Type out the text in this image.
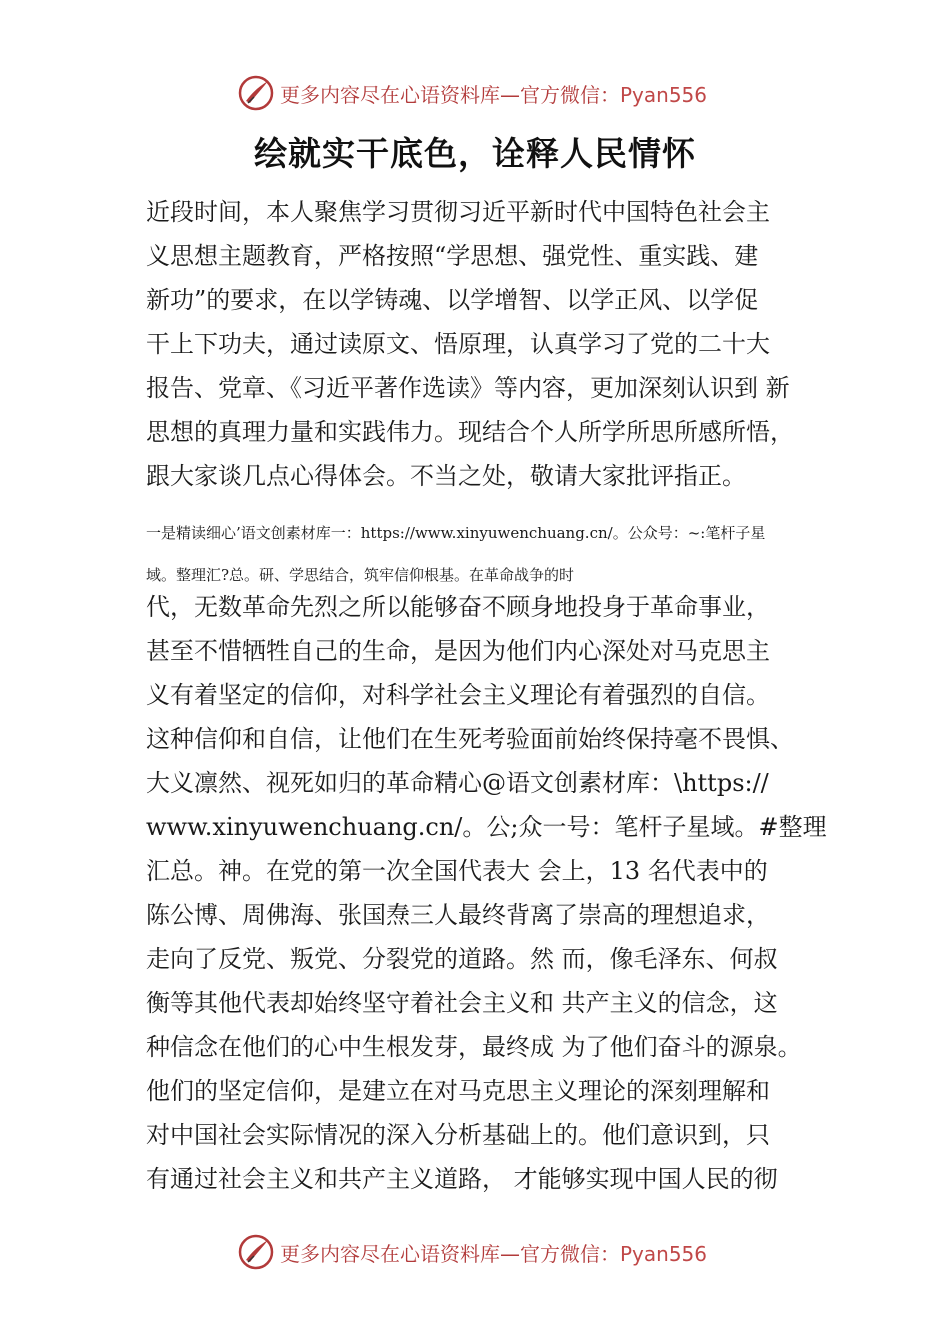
更多内容尽在心语资料库—官方微信：Pyan556
绘就实干底色，诠释人民情怀
近段时间，本人聚焦学习贯彻习近平新时代中国特色社会主
义思想主题教育，严格按照“学思想、强党性、重实践、建
新功”的要求，在以学铸魂、以学增智、以学正风、以学促
干上下功夫，通过读原文、悟原理，认真学习了党的二十大
报告、党章、《习近平著作选读》等内容，更加深刻认识到 新
思想的真理力量和实践伟力。现结合个人所学所思所感所悟，
跟大家谈几点心得体会。不当之处，敬请大家批评指正。
一是精读细心’语文创素材库一：https://www.xinyuwenchuang.cn/。公众号：~:笔杆子星
域。整理汇?总。研、学思结合，筑牢信仰根基。在革命战争的时
代，无数革命先烈之所以能够奋不顾身地投身于革命事业，
甚至不惜牺牲自己的生命，是因为他们内心深处对马克思主
义有着坚定的信仰，对科学社会主义理论有着强烈的自信。
这种信仰和自信，让他们在生死考验面前始终保持毫不畏惧、
大义凛然、视死如归的革命精心@语文创素材库：\https://
www.xinyuwenchuang.cn/。公;众一号：笔杆子星域。#整理
汇总。神。在党的第一次全国代表大 会上，13 名代表中的
陈公博、周佛海、张国焘三人最终背离了崇高的理想追求，
走向了反党、叛党、分裂党的道路。然 而，像毛泽东、何叔
衡等其他代表却始终坚守着社会主义和 共产主义的信念，这
种信念在他们的心中生根发芽，最终成 为了他们奋斗的源泉。
他们的坚定信仰，是建立在对马克思主义理论的深刻理解和
对中国社会实际情况的深入分析基础上的。他们意识到，只
有通过社会主义和共产主义道路， 才能够实现中国人民的彻
更多内容尽在心语资料库—官方微信：Pyan556
